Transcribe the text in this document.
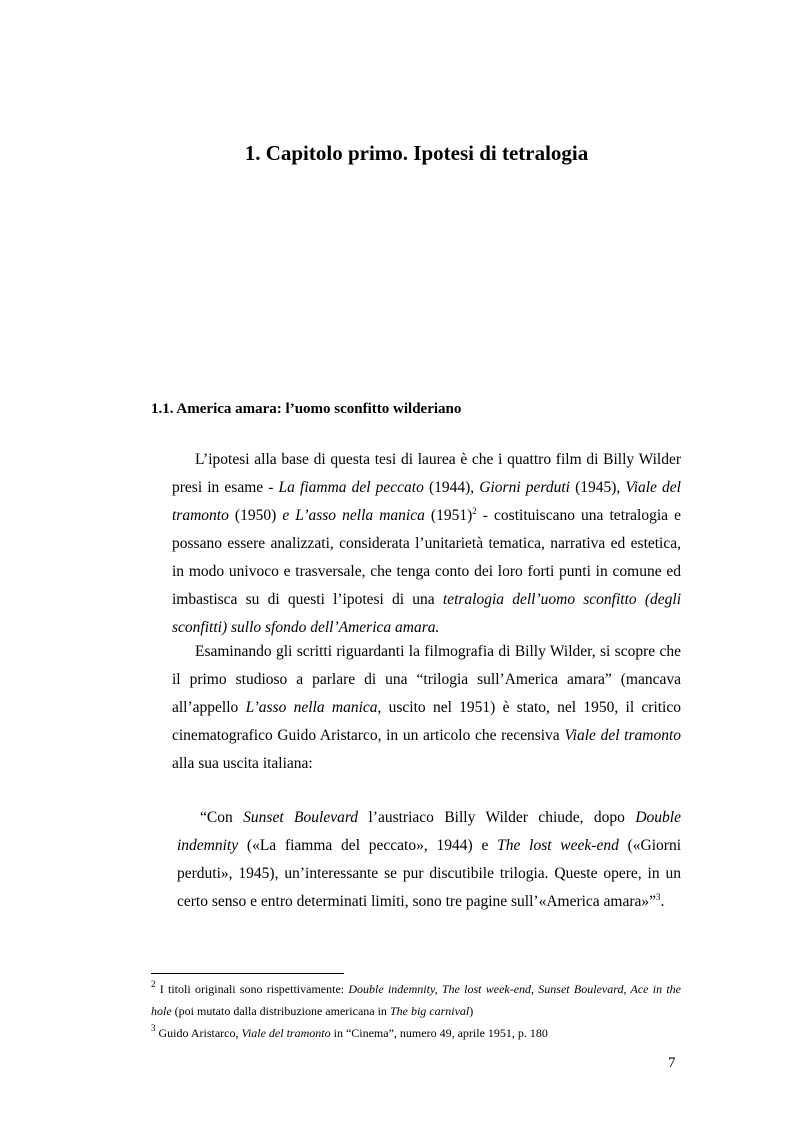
1. Capitolo primo. Ipotesi di tetralogia
1.1. America amara: l’uomo sconfitto wilderiano

L’ipotesi alla base di questa tesi di laurea è che i quattro film di Billy Wilder presi in esame - La fiamma del peccato (1944), Giorni perduti (1945), Viale del tramonto (1950) e L’asso nella manica $(1951)^2$ - costituiscano una tetralogia e possano essere analizzati, considerata l’unitarietà tematica, narrativa ed estetica, in modo univoco e trasversale, che tenga conto dei loro forti punti in comune ed imbastisca su di questi l’ipotesi di una tetralogia dell’uomo sconfitto (degli sconfitti) sullo sfondo dell’America amara.

Esaminando gli scritti riguardanti la filmografia di Billy Wilder, si scopre che il primo studioso a parlare di una “trilogia sull’America amara” (mancava all’appello L’asso nella manica, uscito nel 1951) è stato, nel 1950, il critico cinematografico Guido Aristarco, in un articolo che recensiva Viale del tramonto alla sua uscita italiana:

“Con Sunset Boulevard l’austriaco Billy Wilder chiude, dopo Double indemnity («La fiamma del peccato», 1944) e The lost week-end («Giorni perduti», 1945), un’interessante se pur discutibile trilogia. Queste opere, in un certo senso e entro determinati limiti, sono tre pagine sull’«America amara»”$^3$.

$^2$ I titoli originali sono rispettivamente: Double indemnity, The lost week-end, Sunset Boulevard, Ace in the hole (poi mutato dalla distribuzione americana in The big carnival)

$^3$ Guido Aristarco, Viale del tramonto in “Cinema”, numero 49, aprile 1951, p. 180

7
